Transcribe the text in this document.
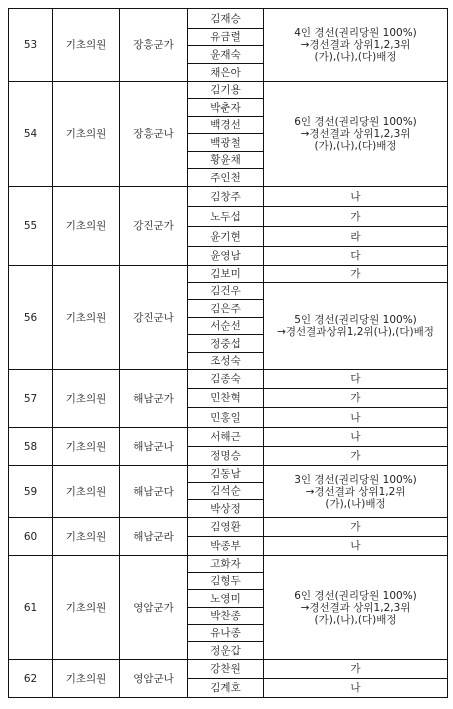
53	기초의원	장흥군가	김재승	4인 경선(권리당원 100%)
→경선결과 상위1,2,3위
(가),(나),(다)배정

			유금렬	
			윤재숙	
			채은아	
54	기초의원	장흥군나	김기용	6인 경선(권리당원 100%)
→경선결과 상위1,2,3위
(가),(나),(다)배정

			박춘자	
			백경선	
			백광철	
			황윤채	
			주인천	
55	기초의원	강진군가	김창주	나
			노두섭	가
			윤기현	라
			윤영남	다
56	기초의원	강진군나	김보미	가
			김건우	5인 경선(권리당원 100%)
→경선결과상위1,2위(나),(다)배정

			김은주	
			서순선	
			정중섭	
			조성숙	
57	기초의원	해남군가	김종숙	다
			민찬혁	가
			민홍일	나
58	기초의원	해남군나	서해근	나
			정명승	가
59	기초의원	해남군다	김동남	3인 경선(권리당원 100%)
→경선결과 상위1,2위
(가),(나)배정

			김석순	
			박상정	
60	기초의원	해남군라	김영환	가
			박종부	나
61	기초의원	영암군가	고화자	6인 경선(권리당원 100%)
→경선결과 상위1,2,3위
(가),(나),(다)배정

			김형두	
			노영미	
			박찬종	
			유나종	
			정운갑	
62	기초의원	영암군나	강찬원	가
			김계호	나
